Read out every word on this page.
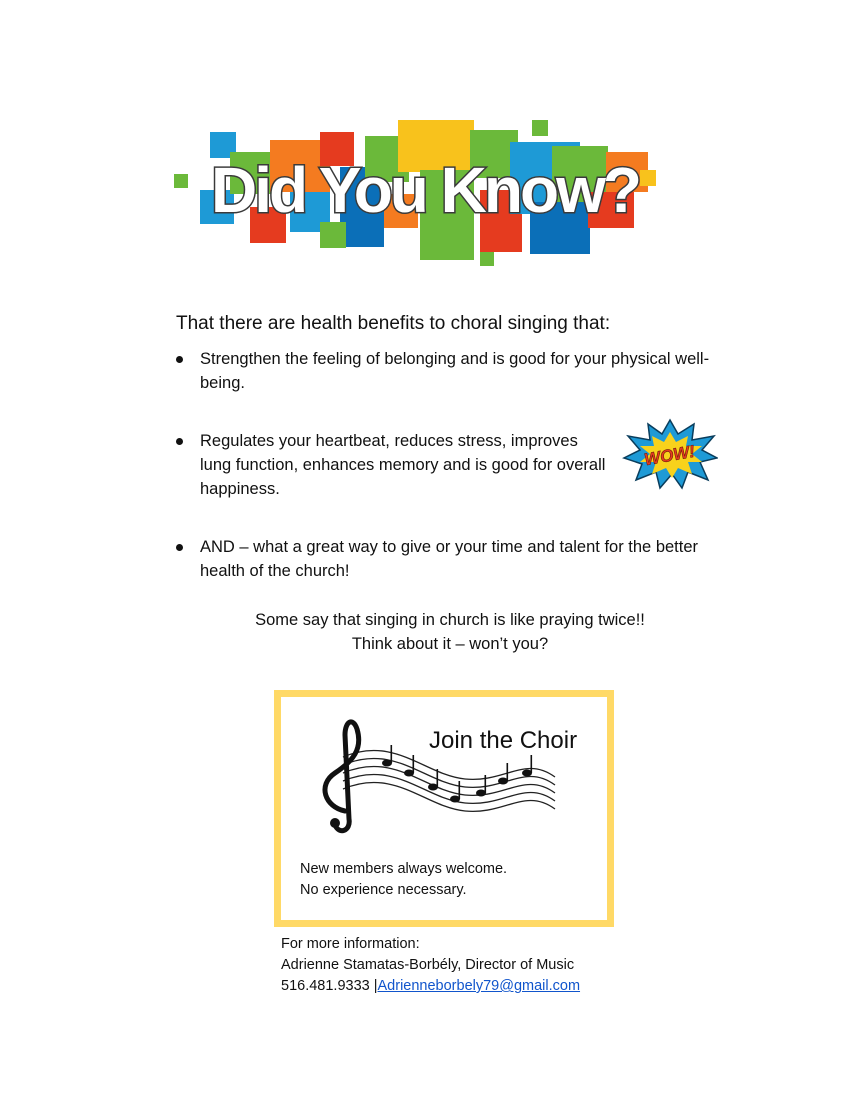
Did You Know?

That there are health benefits to choral singing that:

Strengthen the feeling of belonging and is good for your physical well-being.
Regulates your heartbeat, reduces stress, improves lung function, enhances memory and is good for overall happiness.
AND – what a great way to give or your time and talent for the better health of the church!
WOW!

Some say that singing in church is like praying twice!!

Think about it – won’t you?

Join the Choir

New members always welcome.

No experience necessary.

For more information:

Adrienne Stamatas-Borbély, Director of Music

516.481.9333 |Adrienneborbely79@gmail.com
